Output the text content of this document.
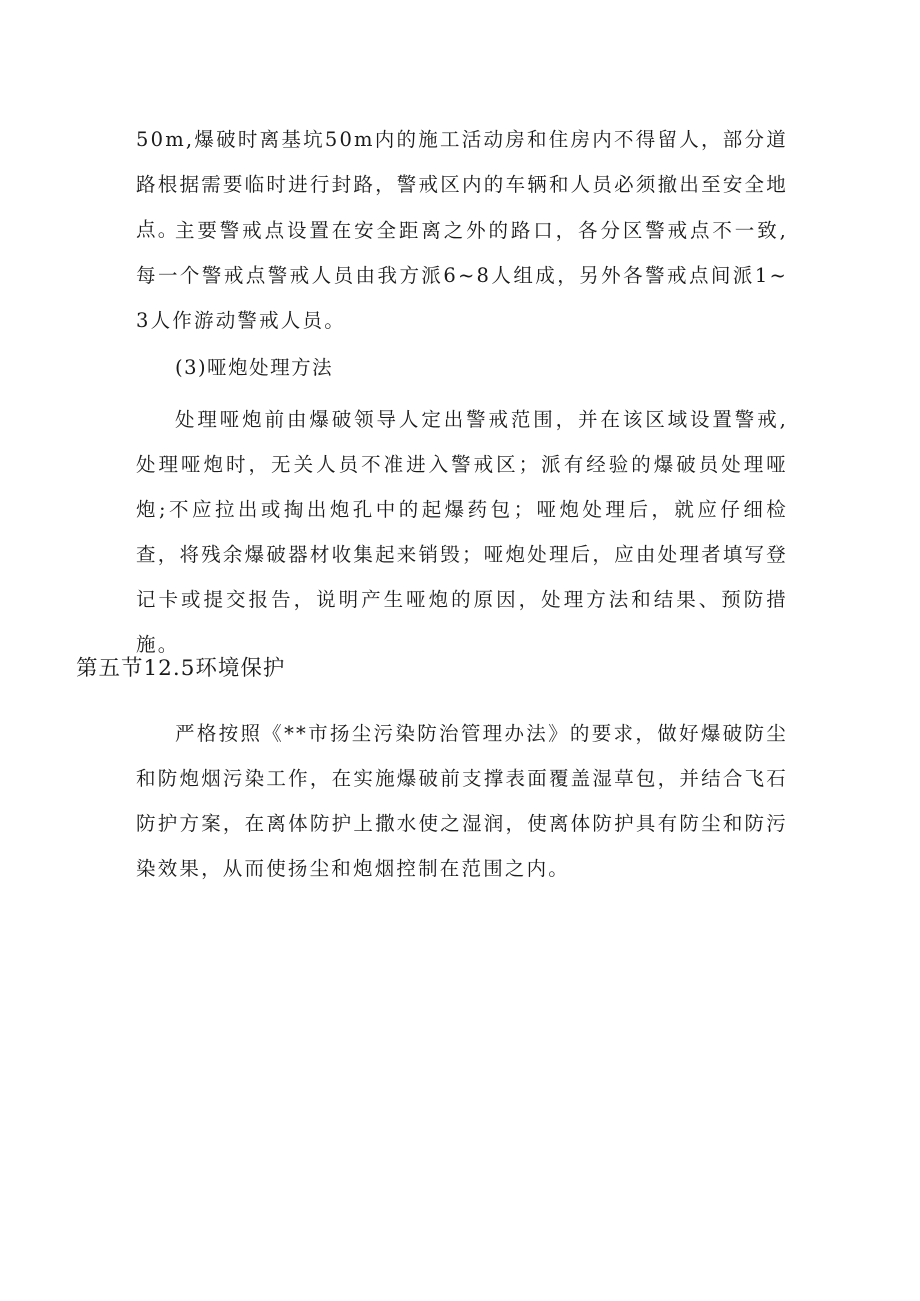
50m,爆破时离基坑50m内的施工活动房和住房内不得留人，部分道路根据需要临时进行封路，警戒区内的车辆和人员必须撤出至安全地点。

主要警戒点设置在安全距离之外的路口，各分区警戒点不一致,每一个警戒点警戒人员由我方派6~8人组成，另外各警戒点间派1~3人作游动警戒人员。

(3)哑炮处理方法

处理哑炮前由爆破领导人定出警戒范围，并在该区域设置警戒,处理哑炮时，无关人员不准进入警戒区；派有经验的爆破员处理哑炮;不应拉出或掏出炮孔中的起爆药包；哑炮处理后，就应仔细检查，将残余爆破器材收集起来销毁；哑炮处理后，应由处理者填写登记卡或提交报告，说明产生哑炮的原因，处理方法和结果、预防措施。

第五节12.5环境保护

严格按照《**市扬尘污染防治管理办法》的要求，做好爆破防尘和防炮烟污染工作，在实施爆破前支撑表面覆盖湿草包，并结合飞石防护方案，在离体防护上撒水使之湿润，使离体防护具有防尘和防污染效果，从而使扬尘和炮烟控制在范围之内。
